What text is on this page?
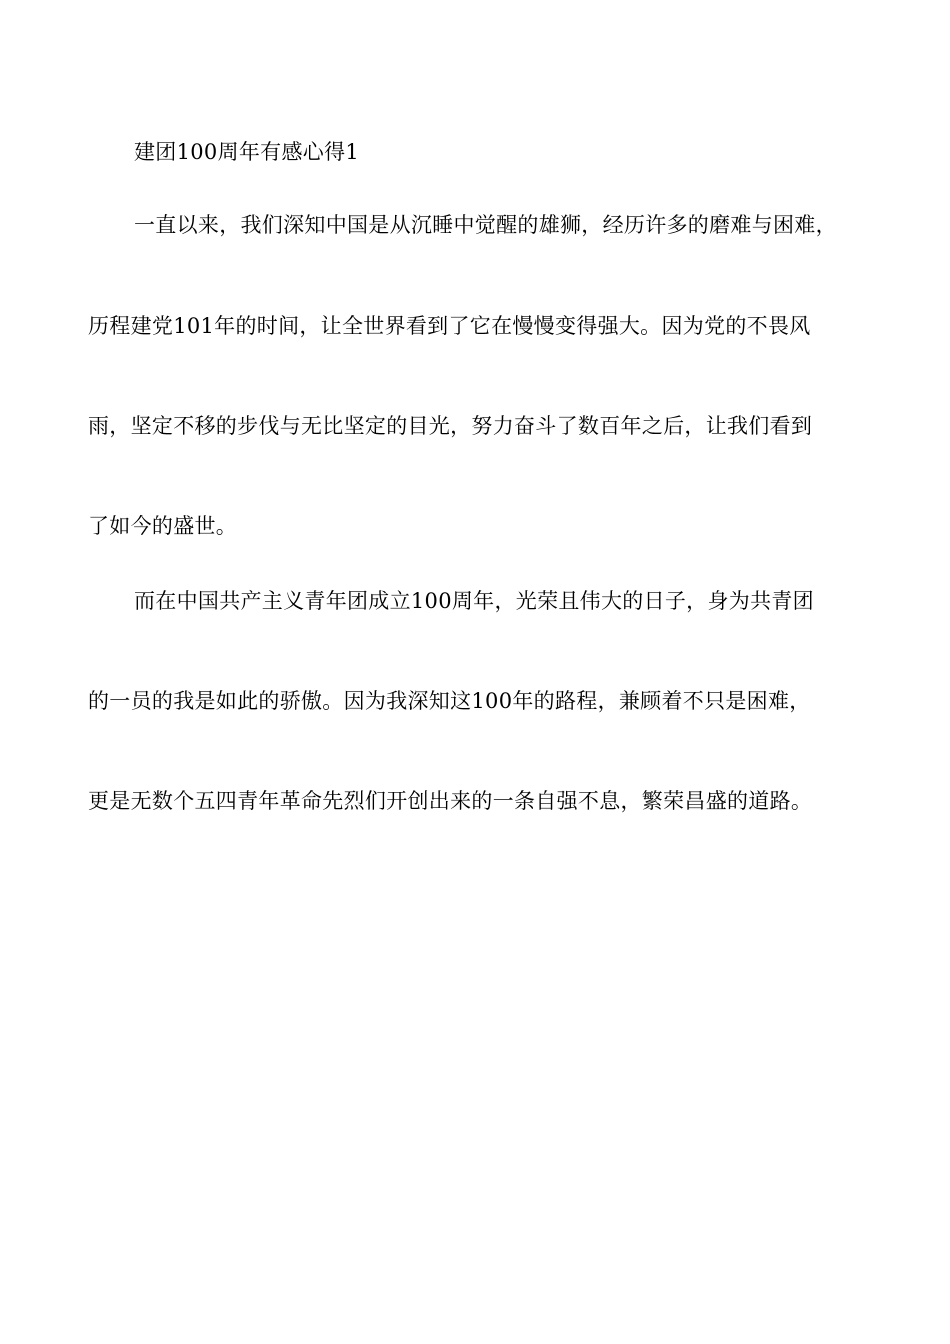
建团100周年有感心得1
一直以来，我们深知中国是从沉睡中觉醒的雄狮，经历许多的磨难与困难，
历程建党101年的时间，让全世界看到了它在慢慢变得强大。因为党的不畏风
雨，坚定不移的步伐与无比坚定的目光，努力奋斗了数百年之后，让我们看到
了如今的盛世。
而在中国共产主义青年团成立100周年，光荣且伟大的日子，身为共青团
的一员的我是如此的骄傲。因为我深知这100年的路程，兼顾着不只是困难，
更是无数个五四青年革命先烈们开创出来的一条自强不息，繁荣昌盛的道路。
